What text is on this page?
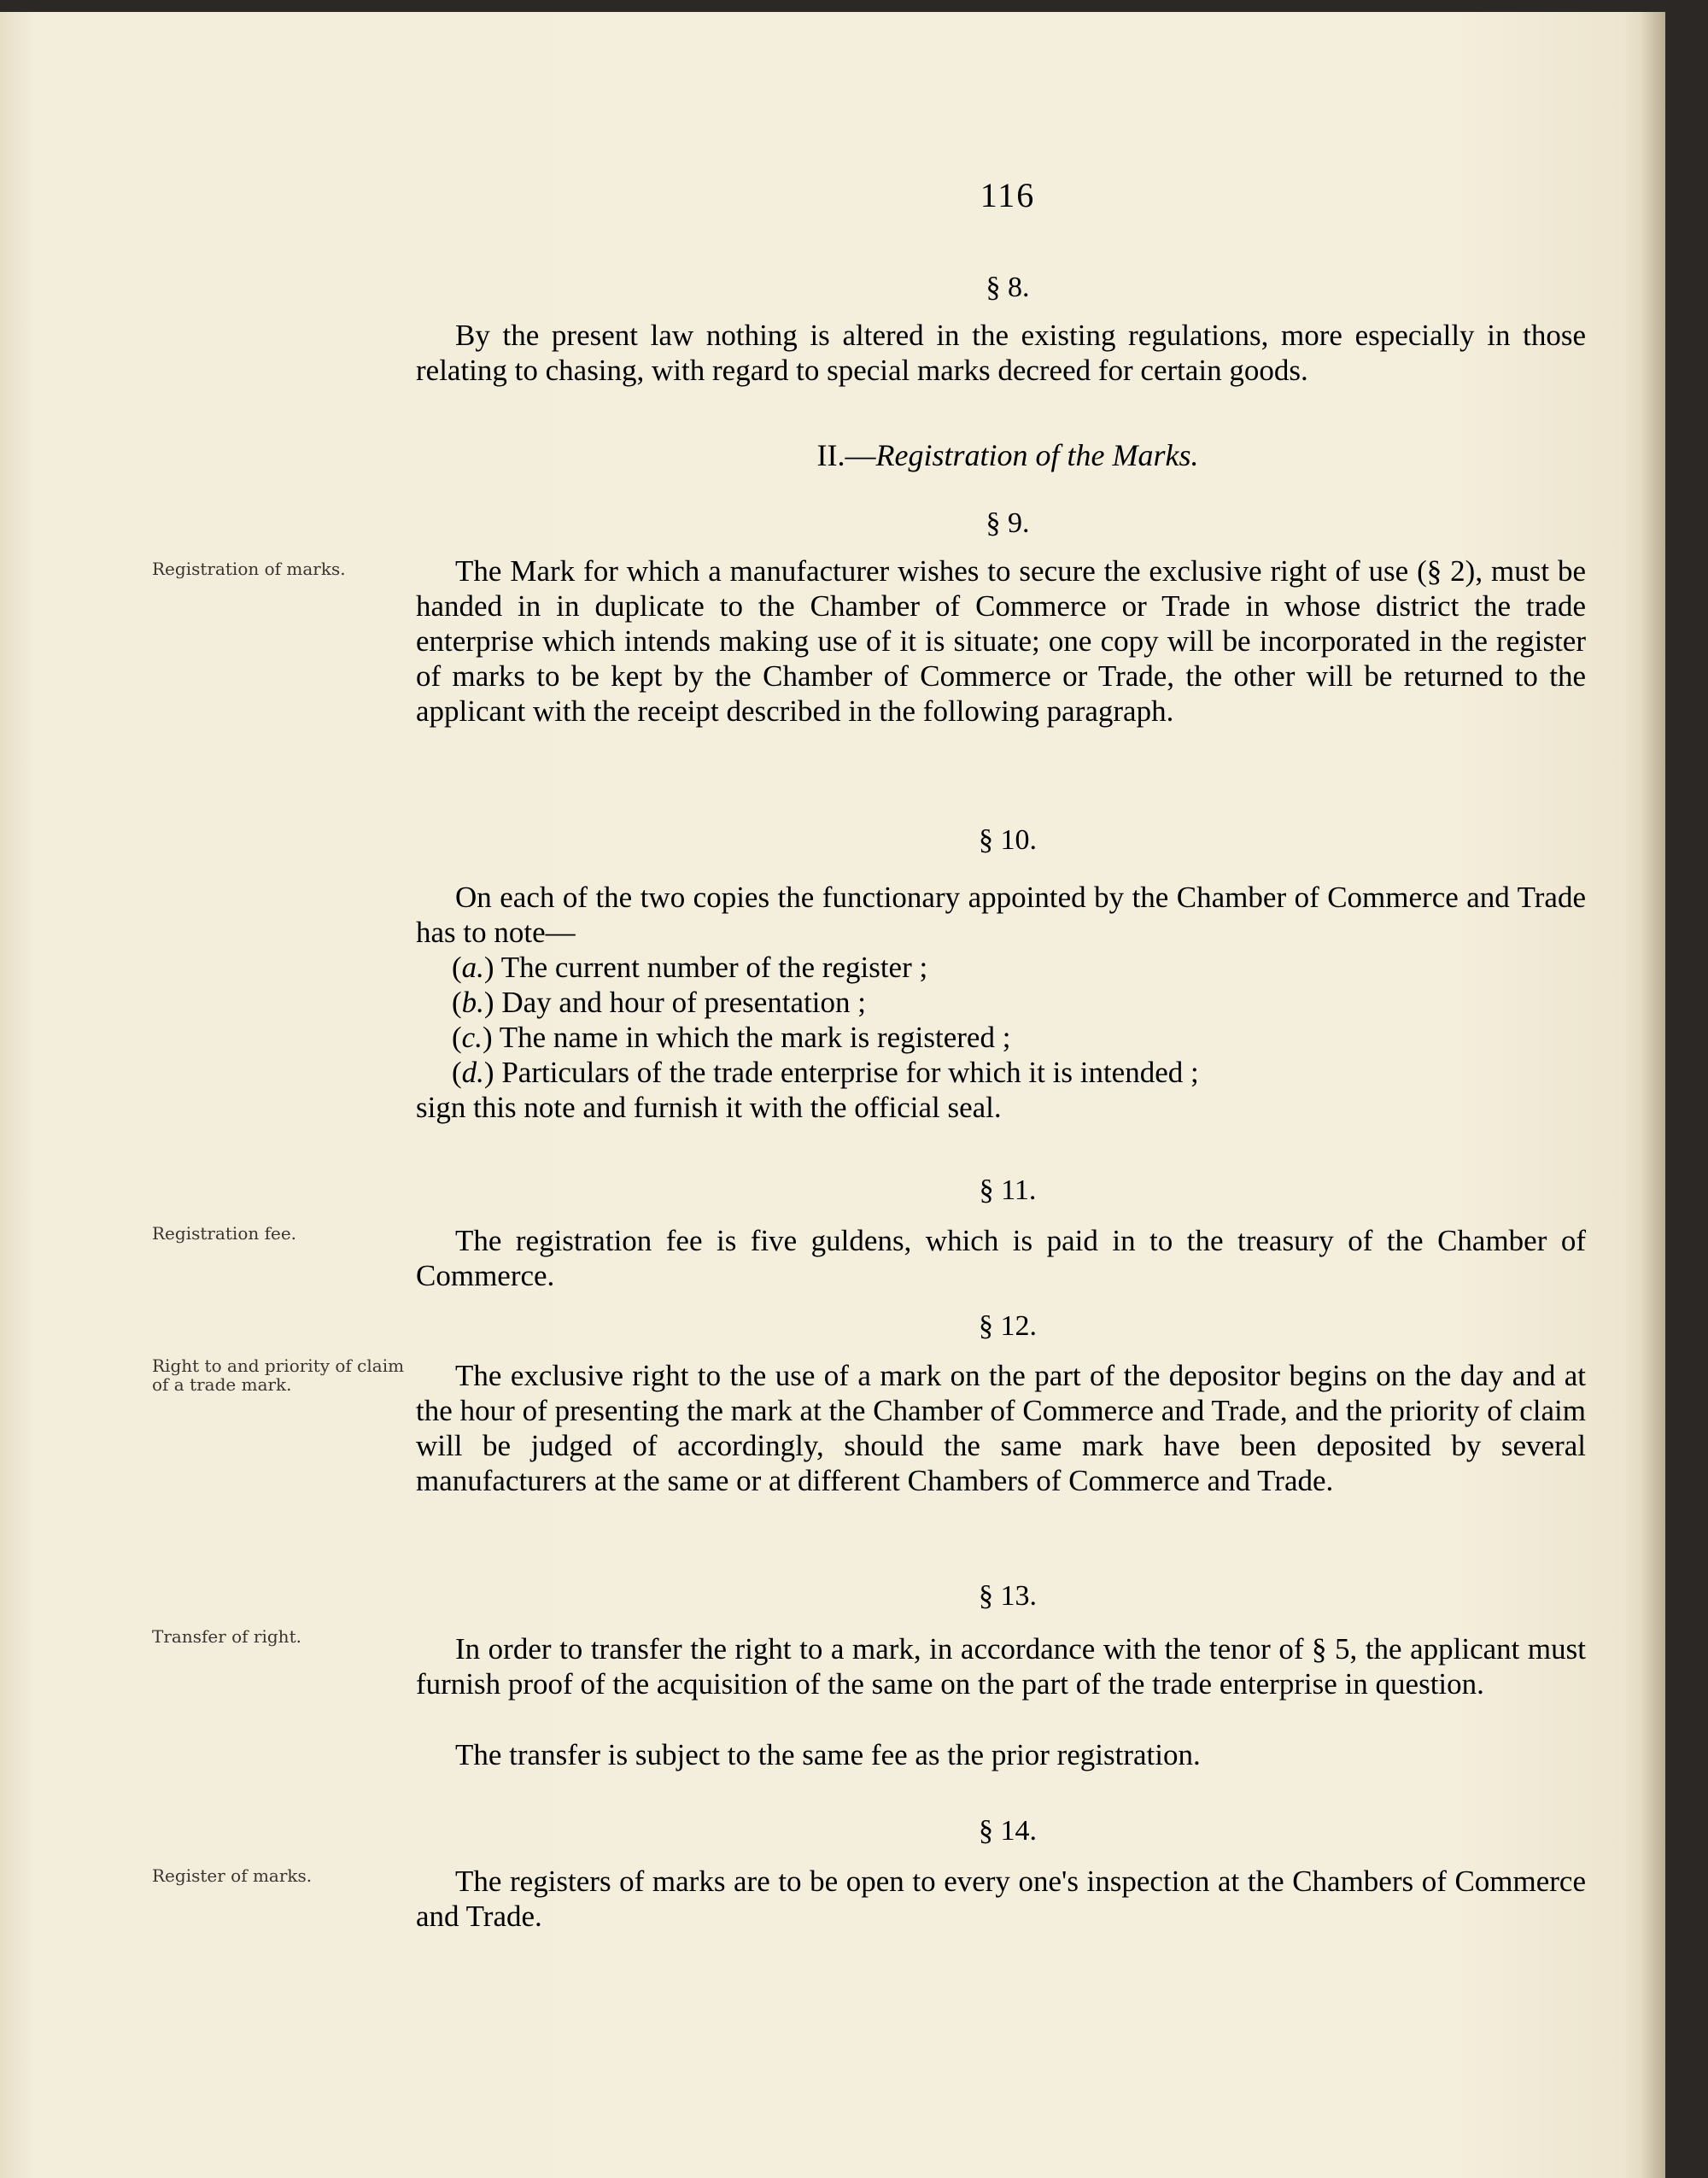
116
§ 8.

By the present law nothing is altered in the existing regulations, more especially in those relating to chasing, with regard to special marks decreed for certain goods.

II.—Registration of the Marks.
§ 9.
Registration of marks.	The Mark for which a manufacturer wishes to secure the exclusive right of use (§ 2), must be handed in in duplicate to the Chamber of Commerce or Trade in whose district the trade enterprise which intends making use of it is situate; one copy will be incorporated in the register of marks to be kept by the Chamber of Commerce or Trade, the other will be returned to the applicant with the receipt described in the following paragraph.

§ 10.

On each of the two copies the functionary appointed by the Chamber of Commerce and Trade has to note—

(a.) The current number of the register ;
(b.) Day and hour of presentation ;
(c.) The name in which the mark is registered ;
(d.) Particulars of the trade enterprise for which it is intended ;
sign this note and furnish it with the official seal.
§ 11.
Registration fee.	The registration fee is five guldens, which is paid in to the treasury of the Chamber of Commerce.

§ 12.
Right to and priority of claim of a trade mark.	The exclusive right to the use of a mark on the part of the depositor begins on the day and at the hour of presenting the mark at the Chamber of Commerce and Trade, and the priority of claim will be judged of accordingly, should the same mark have been deposited by several manufacturers at the same or at different Chambers of Commerce and Trade.

§ 13.
Transfer of right.	In order to transfer the right to a mark, in accordance with the tenor of § 5, the applicant must furnish proof of the acquisition of the same on the part of the trade enterprise in question.

The transfer is subject to the same fee as the prior registration.

§ 14.
Register of marks.	The registers of marks are to be open to every one's inspection at the Chambers of Commerce and Trade.
